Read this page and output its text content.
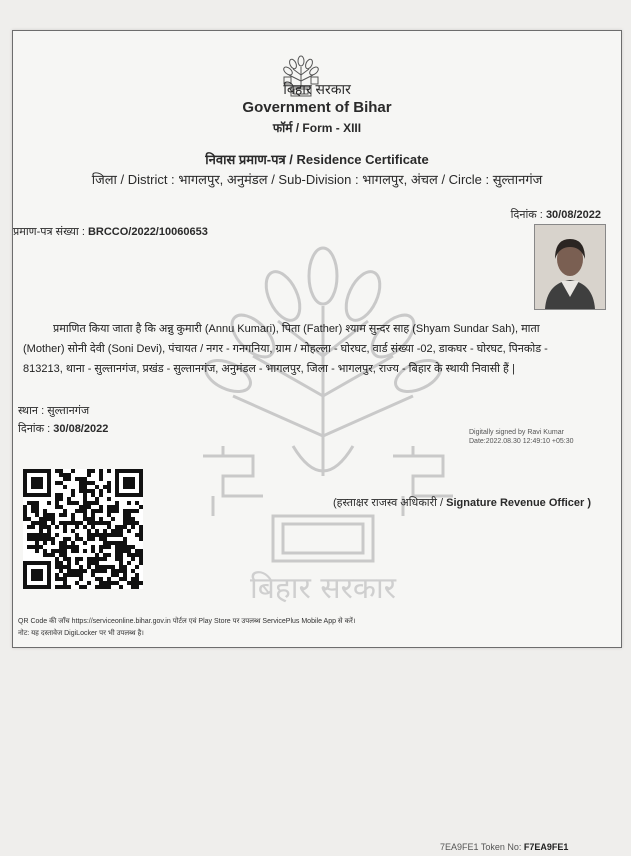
बिहार सरकार
Government of Bihar
फॉर्म / Form - XIII
निवास प्रमाण-पत्र / Residence Certificate
जिला / District : भागलपुर, अनुमंडल / Sub-Division : भागलपुर, अंचल / Circle : सुल्तानगंज
दिनांक : 30/08/2022
प्रमाण-पत्र संख्या : BRCCO/2022/10060653
बिहार सरकार
प्रमाणित किया जाता है कि अन्नु कुमारी (Annu Kumari), पिता (Father) श्याम सुन्दर साह (Shyam Sundar Sah), माता
(Mother) सोनी देवी (Soni Devi), पंचायत / नगर - गनगनिया, ग्राम / मोहल्ला - घोरघट, वार्ड संख्या -02, डाकघर - घोरघट, पिनकोड -
813213, थाना - सुल्तानगंज, प्रखंड - सुल्तानगंज, अनुमंडल - भागलपुर, जिला - भागलपुर, राज्य - बिहार के स्थायी निवासी हैं |
स्थान : सुल्तानगंज
दिनांक : 30/08/2022	Digitally signed by Ravi Kumar
Date:2022.08.30 12:49:10 +05:30
(हस्ताक्षर राजस्व अधिकारी / Signature Revenue Officer )
QR Code की जाँच https://serviceonline.bihar.gov.in पोर्टल एवं Play Store पर उपलब्ध ServicePlus Mobile App से करें।
नोट: यह दस्तावेज DigiLocker पर भी उपलब्ध है।
7EA9FE1 Token No: F7EA9FE1
